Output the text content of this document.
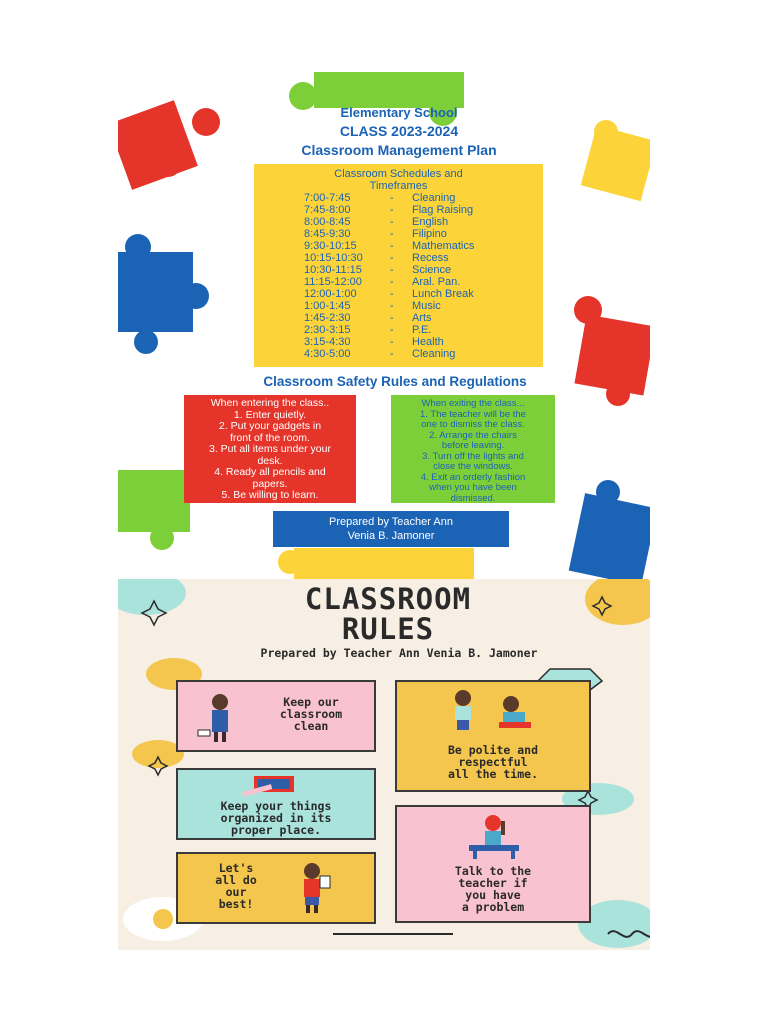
Elementary School
CLASS 2023-2024
Classroom Management Plan
Classroom Schedules and
Timeframes
7:00-7:45	- Cleaning
7:45-8:00	- Flag Raising
8:00-8:45	- English
8:45-9:30	- Filipino
9:30-10:15	- Mathematics
10:15-10:30 - Recess
10:30-11:15	- Science
11:15-12:00	- Aral. Pan.
12:00-1:00	- Lunch Break
1:00-1:45	- Music
1:45-2:30	- Arts
2:30-3:15	- P.E.
3:15-4:30	- Health
4:30-5:00	- Cleaning
Classroom Safety Rules and Regulations
When entering the class..
1. Enter quietly.
2. Put your gadgets in
front of the room.
3. Put all items under your
desk.
4. Ready all pencils and
papers.
5. Be willing to learn.
When exiting the class...
1. The teacher will be the
one to dismiss the class.
2. Arrange the chairs
before leaving.
3. Turn off the lights and
close the windows.
4. Exit an orderly fashion
when you have been
dismissed.
Prepared by Teacher Ann
Venia B. Jamoner
CLASSROOM
RULES
Prepared by Teacher Ann Venia B. Jamoner
Keep our
classroom
clean
Be polite and
respectful
all the time.
Keep your things
organized in its
proper place.
Let's
all do
our
best!
Talk to the
teacher if
you have
a problem
